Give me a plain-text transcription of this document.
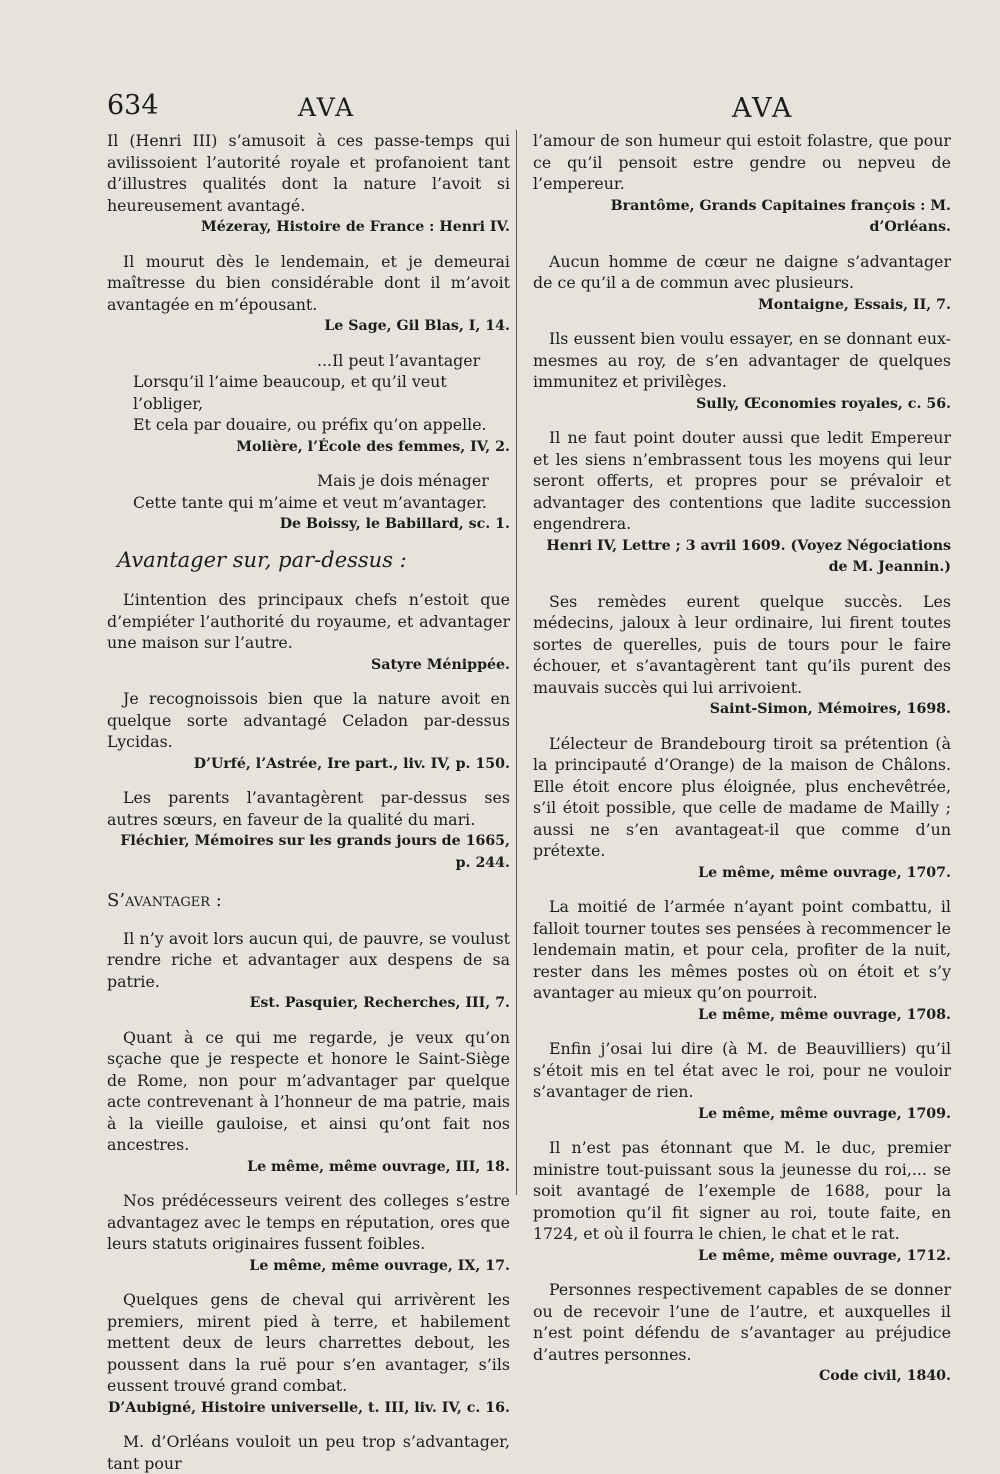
634	AVA	AVA

Il (Henri III) s’amusoit à ces passe-temps qui avilissoient l’autorité royale et profanoient tant d’illustres qualités dont la nature l’avoit si heureusement avantagé.

Mézeray, Histoire de France : Henri IV.

Il mourut dès le lendemain, et je demeurai maîtresse du bien considérable dont il m’avoit avantagée en m’épousant.

Le Sage, Gil Blas, I, 14.

...Il peut l’avantager

Lorsqu’il l’aime beaucoup, et qu’il veut l’obliger,

Et cela par douaire, ou préfix qu’on appelle.

Molière, l’École des femmes, IV, 2.

Mais je dois ménager

Cette tante qui m’aime et veut m’avantager.

De Boissy, le Babillard, sc. 1.
Avantager sur, par-dessus :

L’intention des principaux chefs n’estoit que d’empiéter l’authorité du royaume, et advantager une maison sur l’autre.

Satyre Ménippée.

Je recognoissois bien que la nature avoit en quelque sorte advantagé Celadon par-dessus Lycidas.

D’Urfé, l’Astrée, Ire part., liv. IV, p. 150.

Les parents l’avantagèrent par-dessus ses autres sœurs, en faveur de la qualité du mari.

Fléchier, Mémoires sur les grands jours de 1665, p. 244.
S’avantager :

Il n’y avoit lors aucun qui, de pauvre, se voulust rendre riche et advantager aux despens de sa patrie.

Est. Pasquier, Recherches, III, 7.

Quant à ce qui me regarde, je veux qu’on sçache que je respecte et honore le Saint-Siège de Rome, non pour m’advantager par quelque acte contrevenant à l’honneur de ma patrie, mais à la vieille gauloise, et ainsi qu’ont fait nos ancestres.

Le même, même ouvrage, III, 18.

Nos prédécesseurs veirent des colleges s’estre advantagez avec le temps en réputation, ores que leurs statuts originaires fussent foibles.

Le même, même ouvrage, IX, 17.

Quelques gens de cheval qui arrivèrent les premiers, mirent pied à terre, et habilement mettent deux de leurs charrettes debout, les poussent dans la ruë pour s’en avantager, s’ils eussent trouvé grand combat.

D’Aubigné, Histoire universelle, t. III, liv. IV, c. 16.

M. d’Orléans vouloit un peu trop s’advantager, tant pour

l’amour de son humeur qui estoit folastre, que pour ce qu’il pensoit estre gendre ou nepveu de l’empereur.

Brantôme, Grands Capitaines françois : M. d’Orléans.

Aucun homme de cœur ne daigne s’advantager de ce qu’il a de commun avec plusieurs.

Montaigne, Essais, II, 7.

Ils eussent bien voulu essayer, en se donnant eux-mesmes au roy, de s’en advantager de quelques immunitez et privilèges.

Sully, Œconomies royales, c. 56.

Il ne faut point douter aussi que ledit Empereur et les siens n’embrassent tous les moyens qui leur seront offerts, et propres pour se prévaloir et advantager des contentions que ladite succession engendrera.

Henri IV, Lettre ; 3 avril 1609. (Voyez Négociations de M. Jeannin.)

Ses remèdes eurent quelque succès. Les médecins, jaloux à leur ordinaire, lui firent toutes sortes de querelles, puis de tours pour le faire échouer, et s’avantagèrent tant qu’ils purent des mauvais succès qui lui arrivoient.

Saint-Simon, Mémoires, 1698.

L’électeur de Brandebourg tiroit sa prétention (à la principauté d’Orange) de la maison de Châlons. Elle étoit encore plus éloignée, plus enchevêtrée, s’il étoit possible, que celle de madame de Mailly ; aussi ne s’en avantageat-il que comme d’un prétexte.

Le même, même ouvrage, 1707.

La moitié de l’armée n’ayant point combattu, il falloit tourner toutes ses pensées à recommencer le lendemain matin, et pour cela, profiter de la nuit, rester dans les mêmes postes où on étoit et s’y avantager au mieux qu’on pourroit.

Le même, même ouvrage, 1708.

Enfin j’osai lui dire (à M. de Beauvilliers) qu’il s’étoit mis en tel état avec le roi, pour ne vouloir s’avantager de rien.

Le même, même ouvrage, 1709.

Il n’est pas étonnant que M. le duc, premier ministre tout-puissant sous la jeunesse du roi,... se soit avantagé de l’exemple de 1688, pour la promotion qu’il fit signer au roi, toute faite, en 1724, et où il fourra le chien, le chat et le rat.

Le même, même ouvrage, 1712.

Personnes respectivement capables de se donner ou de recevoir l’une de l’autre, et auxquelles il n’est point défendu de s’avantager au préjudice d’autres personnes.

Code civil, 1840.
